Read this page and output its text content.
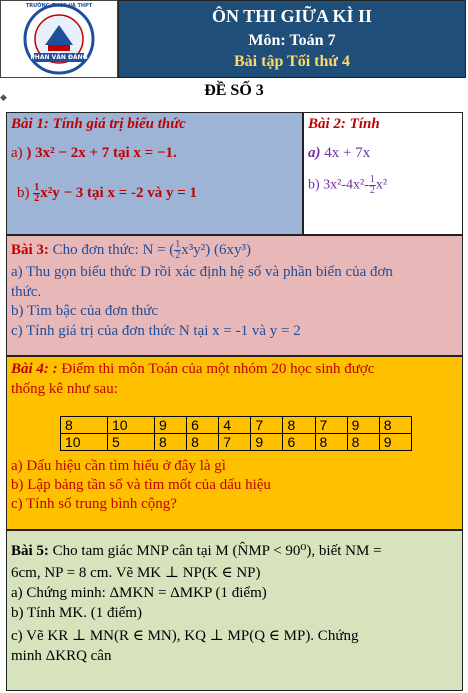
PHAN VĂN ĐÁNG
TRƯỜNG THCS VÀ THPT	ÔN THI GIỮA KÌ II
Môn: Toán 7
Bài tập Tối thứ 4
◆	ĐỀ SỐ 3
Bài 1: Tính giá trị biểu thức
a) ) 3x² − 2x + 7 tại x = −1.
$b) \frac{1}{2} x^2y - 3$ tại x = -2 và y = 1
Bài 2: Tính
a) 4x + 7x
b) $3x^2-4x^2- \frac{1}{2} x^2$
Bài 3: Cho đơn thức: N = ( $\frac{1}{2} x^3y^2$) (6xy³)
a) Thu gọn biểu thức D rồi xác định hệ số và phần biến của đơn
thức.
b) Tìm bậc của đơn thức
c) Tính giá trị của đơn thức N tại x = -1 và y = 2
Bài 4: : Điểm thi môn Toán của một nhóm 20 học sinh được
thống kê như sau:
a) Dấu hiệu cần tìm hiểu ở đây là gì
b) Lập bảng tần số và tìm mốt của dấu hiệu
c) Tính số trung bình cộng?
8	10	9	6	4	7	8	7	9	8
10	5	8	8	7	9	6	8	8	9
Bài 5: Cho tam giác MNP cân tại M (N̂MP < 90⁰), biết NM =
6cm, NP = 8 cm. Vẽ MK ⊥ NP(K ∈ NP)
a) Chứng minh: ΔMKN = ΔMKP (1 điểm)
b) Tính MK. (1 điểm)
c) Vẽ KR ⊥ MN(R ∈ MN), KQ ⊥ MP(Q ∈ MP). Chứng
minh ΔKRQ cân
